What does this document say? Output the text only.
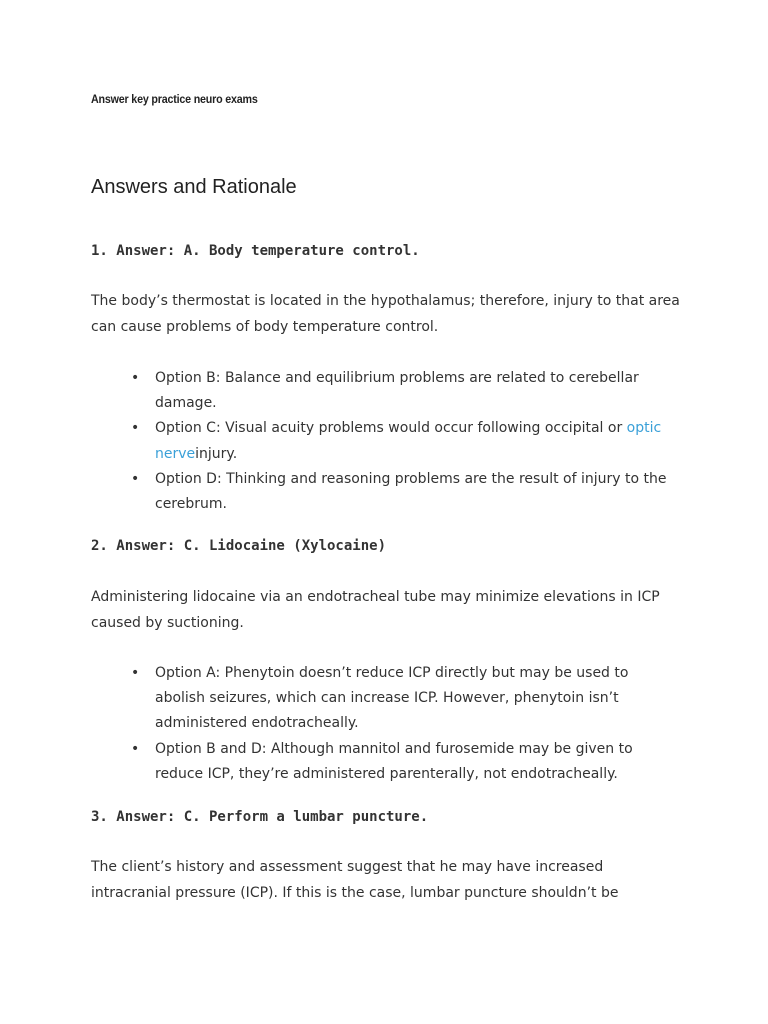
Answer key practice neuro exams
Answers and Rationale
1. Answer: A. Body temperature control.
The body’s thermostat is located in the hypothalamus; therefore, injury to that area can cause problems of body temperature control.
• Option B: Balance and equilibrium problems are related to cerebellar damage.
• Option C: Visual acuity problems would occur following occipital or optic nerveinjury.
• Option D: Thinking and reasoning problems are the result of injury to the cerebrum.
2. Answer: C. Lidocaine (Xylocaine)
Administering lidocaine via an endotracheal tube may minimize elevations in ICP caused by suctioning.
• Option A: Phenytoin doesn’t reduce ICP directly but may be used to abolish seizures, which can increase ICP. However, phenytoin isn’t administered endotracheally.
• Option B and D: Although mannitol and furosemide may be given to reduce ICP, they’re administered parenterally, not endotracheally.
3. Answer: C. Perform a lumbar puncture.
The client’s history and assessment suggest that he may have increased intracranial pressure (ICP). If this is the case, lumbar puncture shouldn’t be
